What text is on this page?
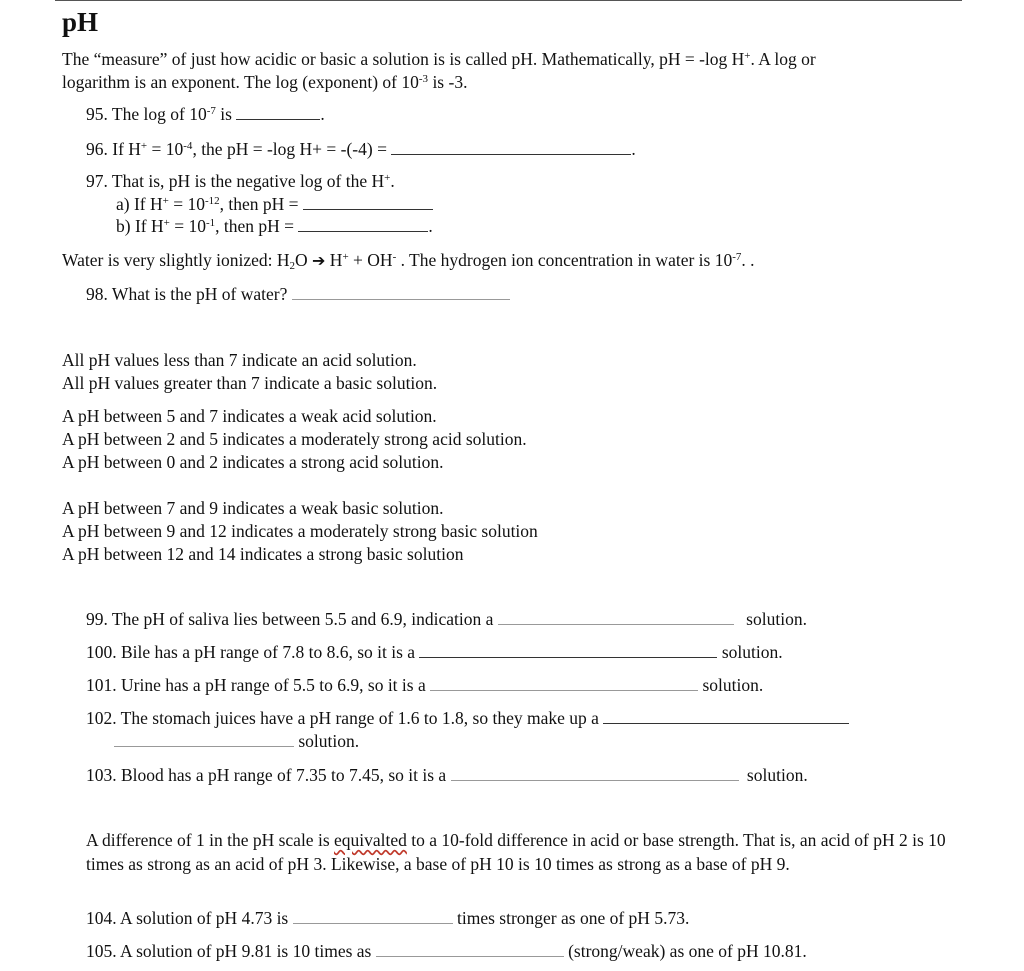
pH
The “measure” of just how acidic or basic a solution is is called pH. Mathematically, pH = -log H+. A log or
logarithm is an exponent. The log (exponent) of $10^{-3}$ is -3.
95. The log of $10^{-7}$ is	.
96. If $H^+ = 10^{-4}$, the pH = -log H+ = -(-4) =	.
97. That is, pH is the negative log of the H+.
a) If $H^+ = 10^{-12}$, then pH =
b) If $H^+ = 10^{-1}$, then pH =	.
Water is very slightly ionized: $H_2O$ ➔ H+ + OH- . The hydrogen ion concentration in water is $10^{-7}$. .
98. What is the pH of water?
All pH values less than 7 indicate an acid solution.
All pH values greater than 7 indicate a basic solution.
A pH between 5 and 7 indicates a weak acid solution.
A pH between 2 and 5 indicates a moderately strong acid solution.
A pH between 0 and 2 indicates a strong acid solution.
A pH between 7 and 9 indicates a weak basic solution.
A pH between 9 and 12 indicates a moderately strong basic solution
A pH between 12 and 14 indicates a strong basic solution
99. The pH of saliva lies between 5.5 and 6.9, indication a	solution.
100. Bile has a pH range of 7.8 to 8.6, so it is a	solution.
101. Urine has a pH range of 5.5 to 6.9, so it is a	solution.
102. The stomach juices have a pH range of 1.6 to 1.8, so they make up a
solution.
103. Blood has a pH range of 7.35 to 7.45, so it is a	solution.
A difference of 1 in the pH scale is equivalted to a 10-fold difference in acid or base strength. That is, an acid of pH 2 is 10 times as strong as an acid of pH 3. Likewise, a base of pH 10 is 10 times as strong as a base of pH 9.
104. A solution of pH 4.73 is	times stronger as one of pH 5.73.
105. A solution of pH 9.81 is 10 times as	(strong/weak) as one of pH 10.81.
